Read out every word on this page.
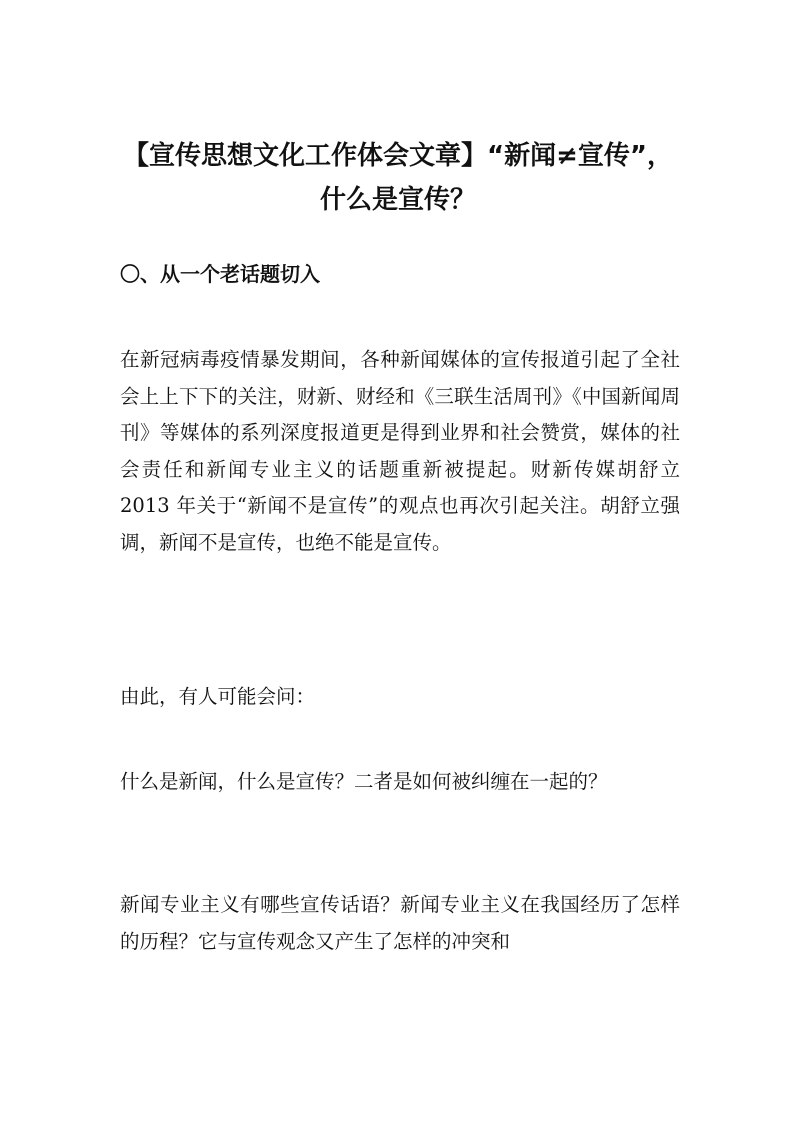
【宣传思想文化工作体会文章】“新闻≠宣传”，什么是宣传？
〇、从一个老话题切入

在新冠病毒疫情暴发期间，各种新闻媒体的宣传报道引起了全社会上上下下的关注，财新、财经和《三联生活周刊》《中国新闻周刊》等媒体的系列深度报道更是得到业界和社会赞赏，媒体的社会责任和新闻专业主义的话题重新被提起。财新传媒胡舒立 2013 年关于“新闻不是宣传”的观点也再次引起关注。胡舒立强调，新闻不是宣传，也绝不能是宣传。

由此，有人可能会问：

什么是新闻，什么是宣传？二者是如何被纠缠在一起的？

新闻专业主义有哪些宣传话语？新闻专业主义在我国经历了怎样的历程？它与宣传观念又产生了怎样的冲突和
